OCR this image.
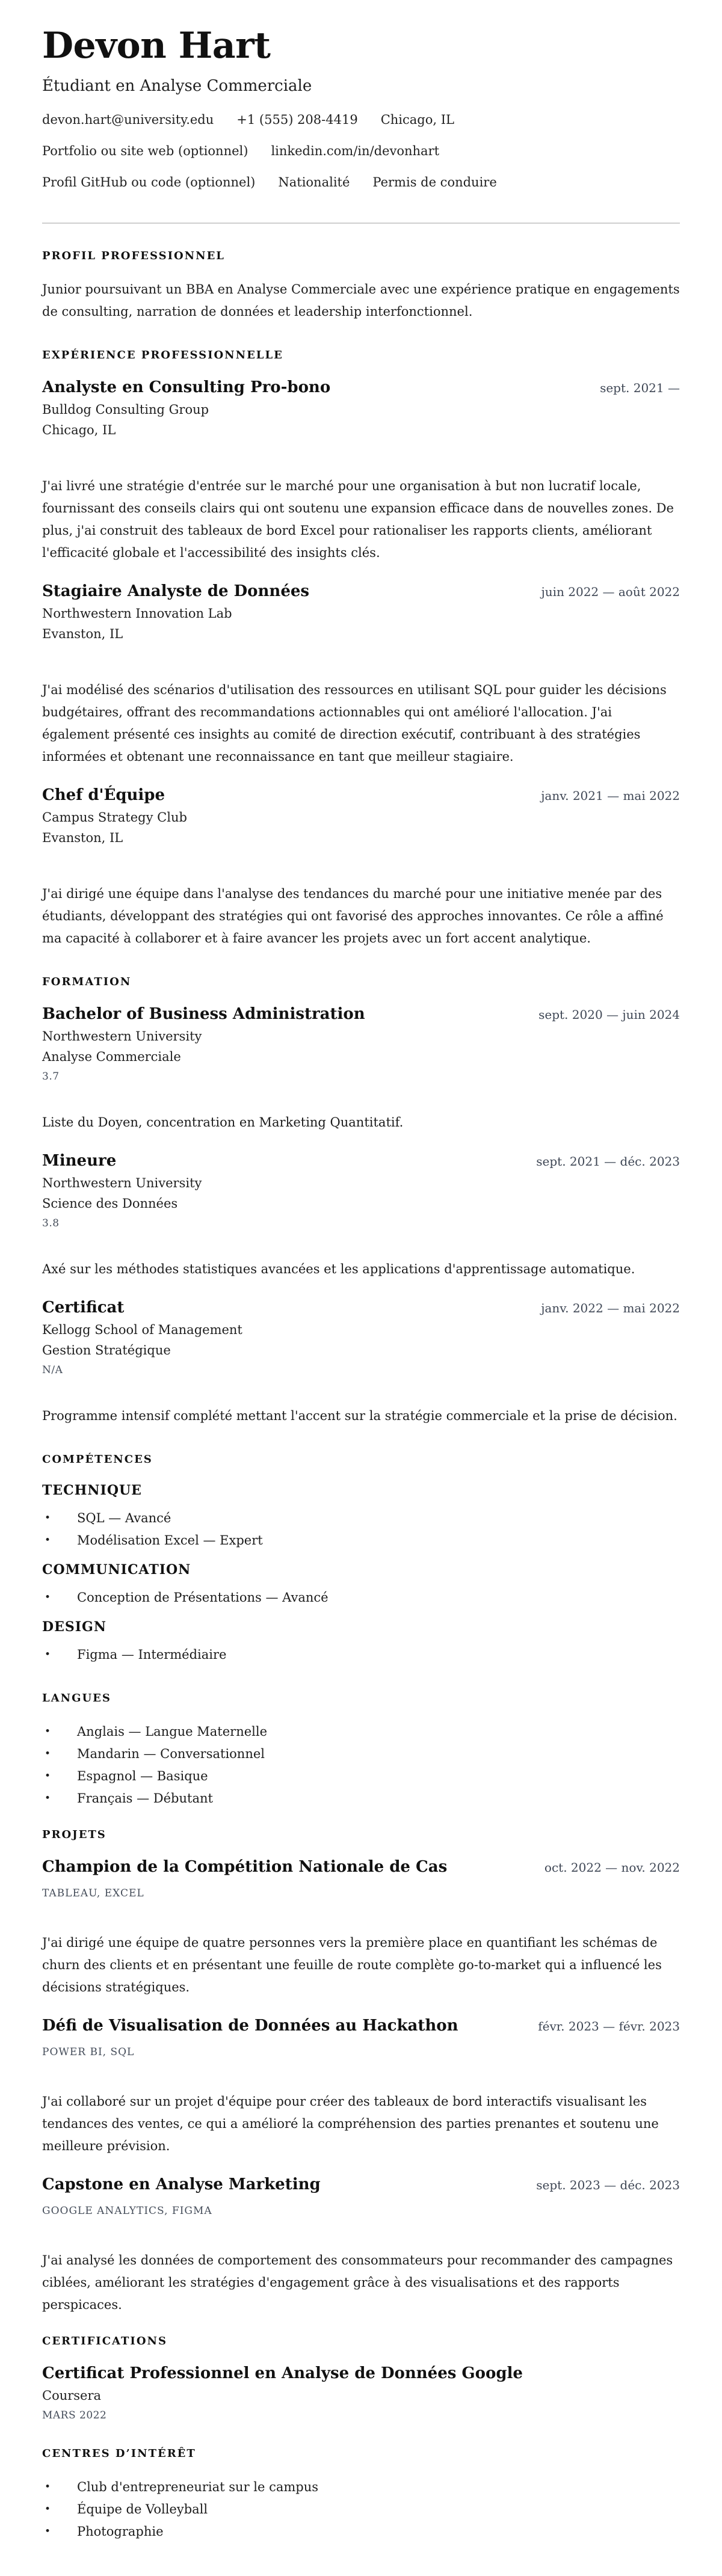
Devon Hart
Étudiant en Analyse Commerciale
devon.hart@university.edu +1 (555) 208-4419 Chicago, IL
Portfolio ou site web (optionnel) linkedin.com/in/devonhart
Profil GitHub ou code (optionnel) Nationalité Permis de conduire
PROFIL PROFESSIONNEL

Junior poursuivant un BBA en Analyse Commerciale avec une expérience pratique en engagements de consulting, narration de données et leadership interfonctionnel.

EXPÉRIENCE PROFESSIONNELLE
Analyste en Consulting Pro-bono	sept. 2021 —
Bulldog Consulting Group
Chicago, IL

J'ai livré une stratégie d'entrée sur le marché pour une organisation à but non lucratif locale, fournissant des conseils clairs qui ont soutenu une expansion efficace dans de nouvelles zones. De plus, j'ai construit des tableaux de bord Excel pour rationaliser les rapports clients, améliorant l'efficacité globale et l'accessibilité des insights clés.

Stagiaire Analyste de Données	juin 2022 — août 2022
Northwestern Innovation Lab
Evanston, IL

J'ai modélisé des scénarios d'utilisation des ressources en utilisant SQL pour guider les décisions budgétaires, offrant des recommandations actionnables qui ont amélioré l'allocation. J'ai également présenté ces insights au comité de direction exécutif, contribuant à des stratégies informées et obtenant une reconnaissance en tant que meilleur stagiaire.

Chef d'Équipe	janv. 2021 — mai 2022
Campus Strategy Club
Evanston, IL

J'ai dirigé une équipe dans l'analyse des tendances du marché pour une initiative menée par des étudiants, développant des stratégies qui ont favorisé des approches innovantes. Ce rôle a affiné ma capacité à collaborer et à faire avancer les projets avec un fort accent analytique.

FORMATION
Bachelor of Business Administration	sept. 2020 — juin 2024
Northwestern University
Analyse Commerciale
3.7

Liste du Doyen, concentration en Marketing Quantitatif.

Mineure	sept. 2021 — déc. 2023
Northwestern University
Science des Données
3.8

Axé sur les méthodes statistiques avancées et les applications d'apprentissage automatique.

Certificat	janv. 2022 — mai 2022
Kellogg School of Management
Gestion Stratégique
N/A

Programme intensif complété mettant l'accent sur la stratégie commerciale et la prise de décision.

COMPÉTENCES
TECHNIQUE
• SQL — Avancé
• Modélisation Excel — Expert
COMMUNICATION
• Conception de Présentations — Avancé
DESIGN
• Figma — Intermédiaire
LANGUES
• Anglais — Langue Maternelle
• Mandarin — Conversationnel
• Espagnol — Basique
• Français — Débutant
PROJETS
Champion de la Compétition Nationale de Cas	oct. 2022 — nov. 2022
TABLEAU, EXCEL

J'ai dirigé une équipe de quatre personnes vers la première place en quantifiant les schémas de churn des clients et en présentant une feuille de route complète go-to-market qui a influencé les décisions stratégiques.

Défi de Visualisation de Données au Hackathon	févr. 2023 — févr. 2023
POWER BI, SQL

J'ai collaboré sur un projet d'équipe pour créer des tableaux de bord interactifs visualisant les tendances des ventes, ce qui a amélioré la compréhension des parties prenantes et soutenu une meilleure prévision.

Capstone en Analyse Marketing	sept. 2023 — déc. 2023
GOOGLE ANALYTICS, FIGMA

J'ai analysé les données de comportement des consommateurs pour recommander des campagnes ciblées, améliorant les stratégies d'engagement grâce à des visualisations et des rapports perspicaces.

CERTIFICATIONS
Certificat Professionnel en Analyse de Données Google
Coursera
MARS 2022
CENTRES D’INTÉRÊT
• Club d'entrepreneuriat sur le campus
• Équipe de Volleyball
• Photographie
